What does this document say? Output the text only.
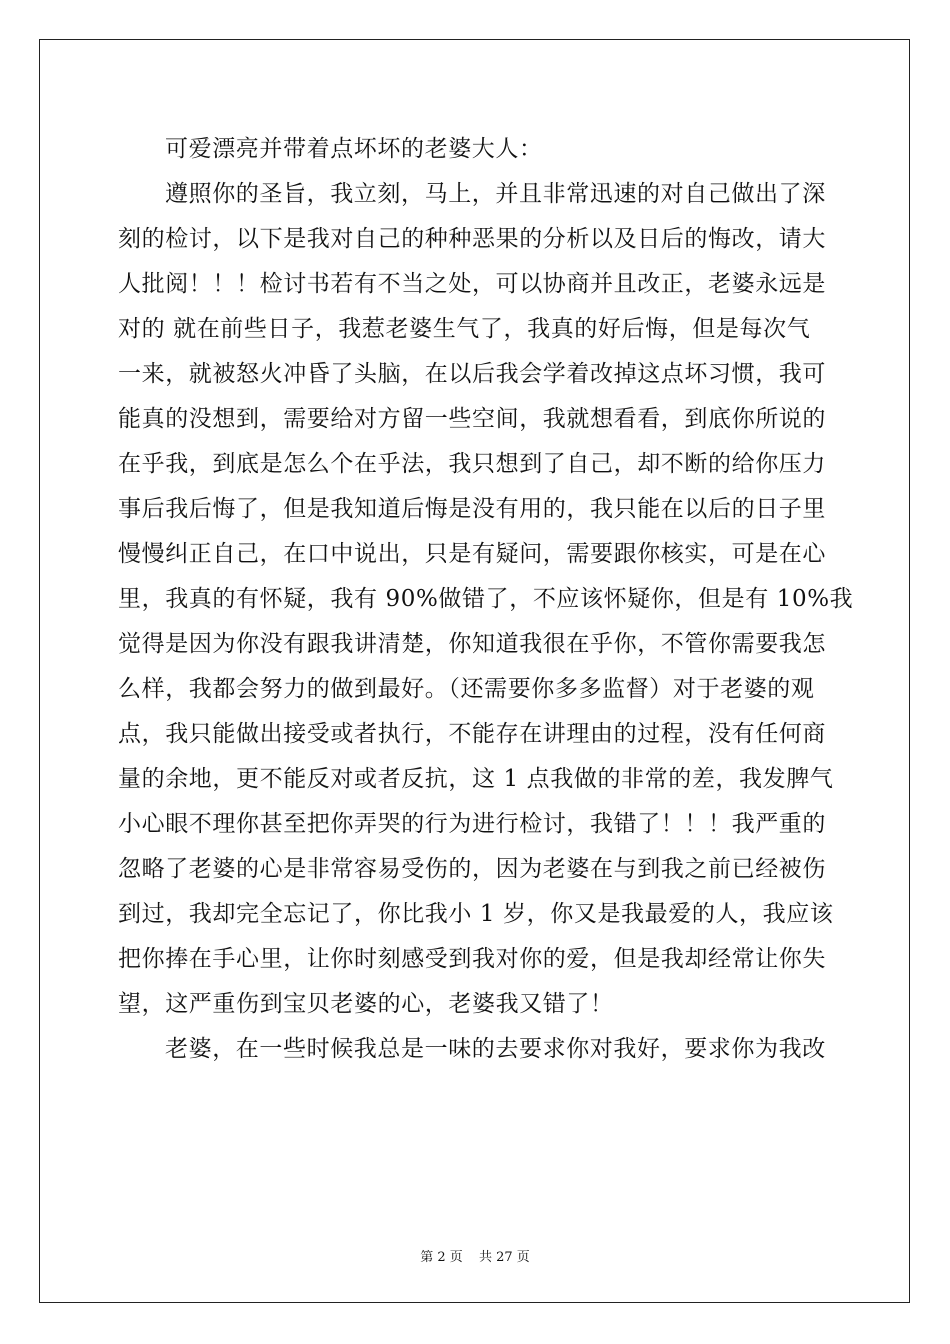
可爱漂亮并带着点坏坏的老婆大人：
遵照你的圣旨，我立刻，马上，并且非常迅速的对自己做出了深
刻的检讨，以下是我对自己的种种恶果的分析以及日后的悔改，请大
人批阅！！！检讨书若有不当之处，可以协商并且改正，老婆永远是
对的 就在前些日子，我惹老婆生气了，我真的好后悔，但是每次气
一来，就被怒火冲昏了头脑，在以后我会学着改掉这点坏习惯，我可
能真的没想到，需要给对方留一些空间，我就想看看，到底你所说的
在乎我，到底是怎么个在乎法，我只想到了自己，却不断的给你压力
事后我后悔了，但是我知道后悔是没有用的，我只能在以后的日子里
慢慢纠正自己，在口中说出，只是有疑问，需要跟你核实，可是在心
里，我真的有怀疑，我有 90%做错了，不应该怀疑你，但是有 10%我
觉得是因为你没有跟我讲清楚，你知道我很在乎你，不管你需要我怎
么样，我都会努力的做到最好。（还需要你多多监督）对于老婆的观
点，我只能做出接受或者执行，不能存在讲理由的过程，没有任何商
量的余地，更不能反对或者反抗，这 1 点我做的非常的差，我发脾气
小心眼不理你甚至把你弄哭的行为进行检讨，我错了！！！我严重的
忽略了老婆的心是非常容易受伤的，因为老婆在与到我之前已经被伤
到过，我却完全忘记了，你比我小 1 岁，你又是我最爱的人，我应该
把你捧在手心里，让你时刻感受到我对你的爱，但是我却经常让你失
望，这严重伤到宝贝老婆的心，老婆我又错了！
老婆，在一些时候我总是一味的去要求你对我好，要求你为我改
第 2 页 共 27 页
